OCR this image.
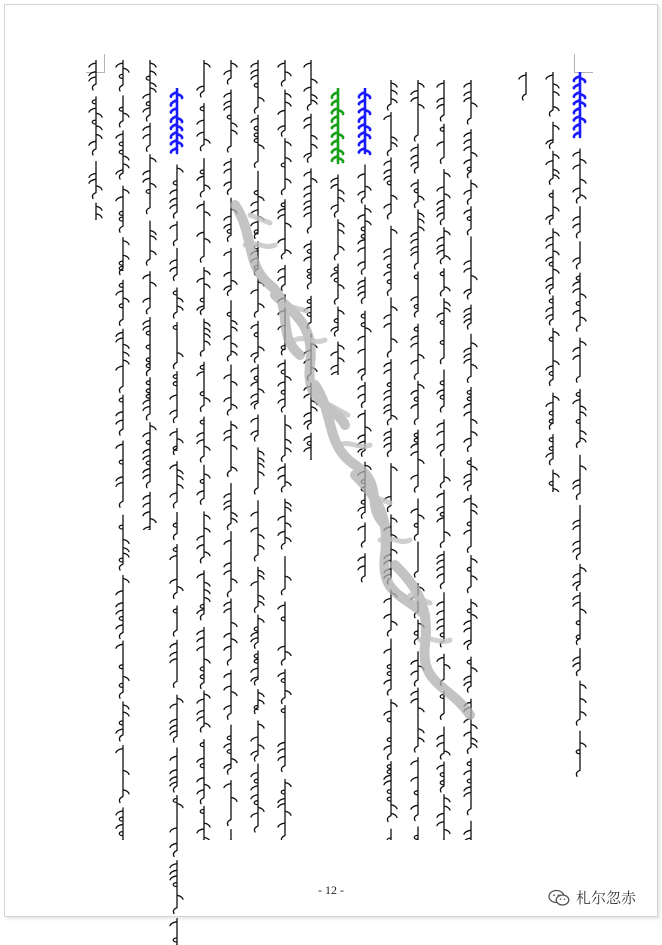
- 12 -	札尔忽赤
